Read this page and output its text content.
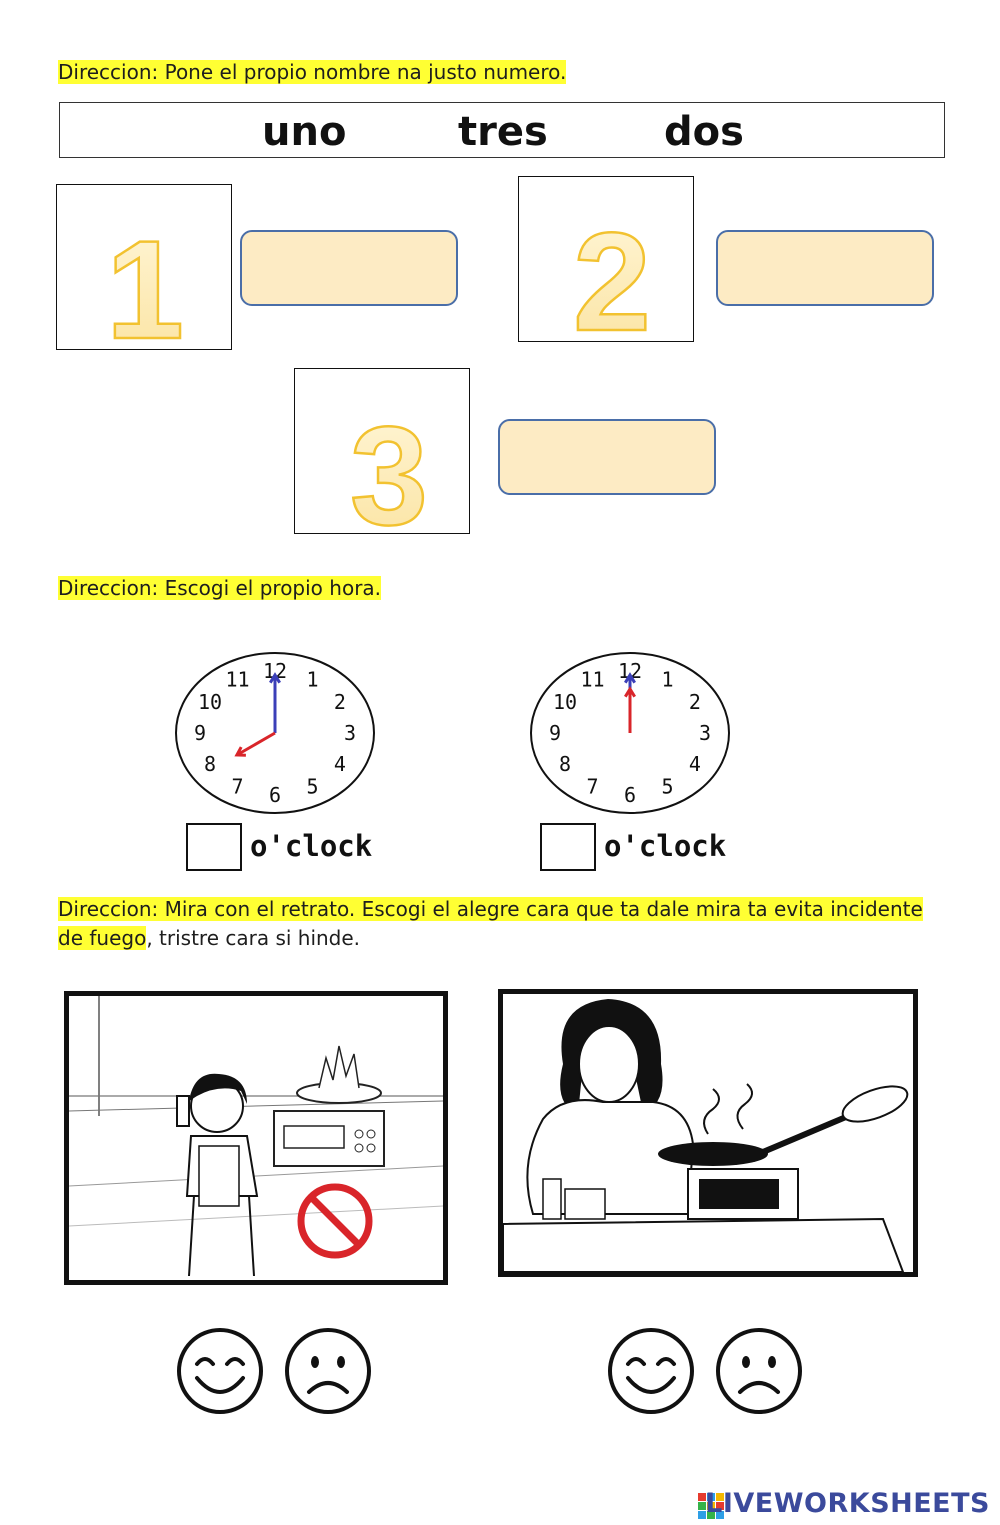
Direccion: Pone el propio nombre na justo numero.
uno	tres	dos
1	2
3
Direccion: Escogi el propio hora.
12 1
2
3
4
5
6
7
8
9
10
11
o'clock
12 1
2
3
4
5
6
7
8
9
10
11
o'clock
Direccion: Mira con el retrato. Escogi el alegre cara que ta dale mira ta evita incidente de fuego, tristre cara si hinde.
LIVEWORKSHEETS
